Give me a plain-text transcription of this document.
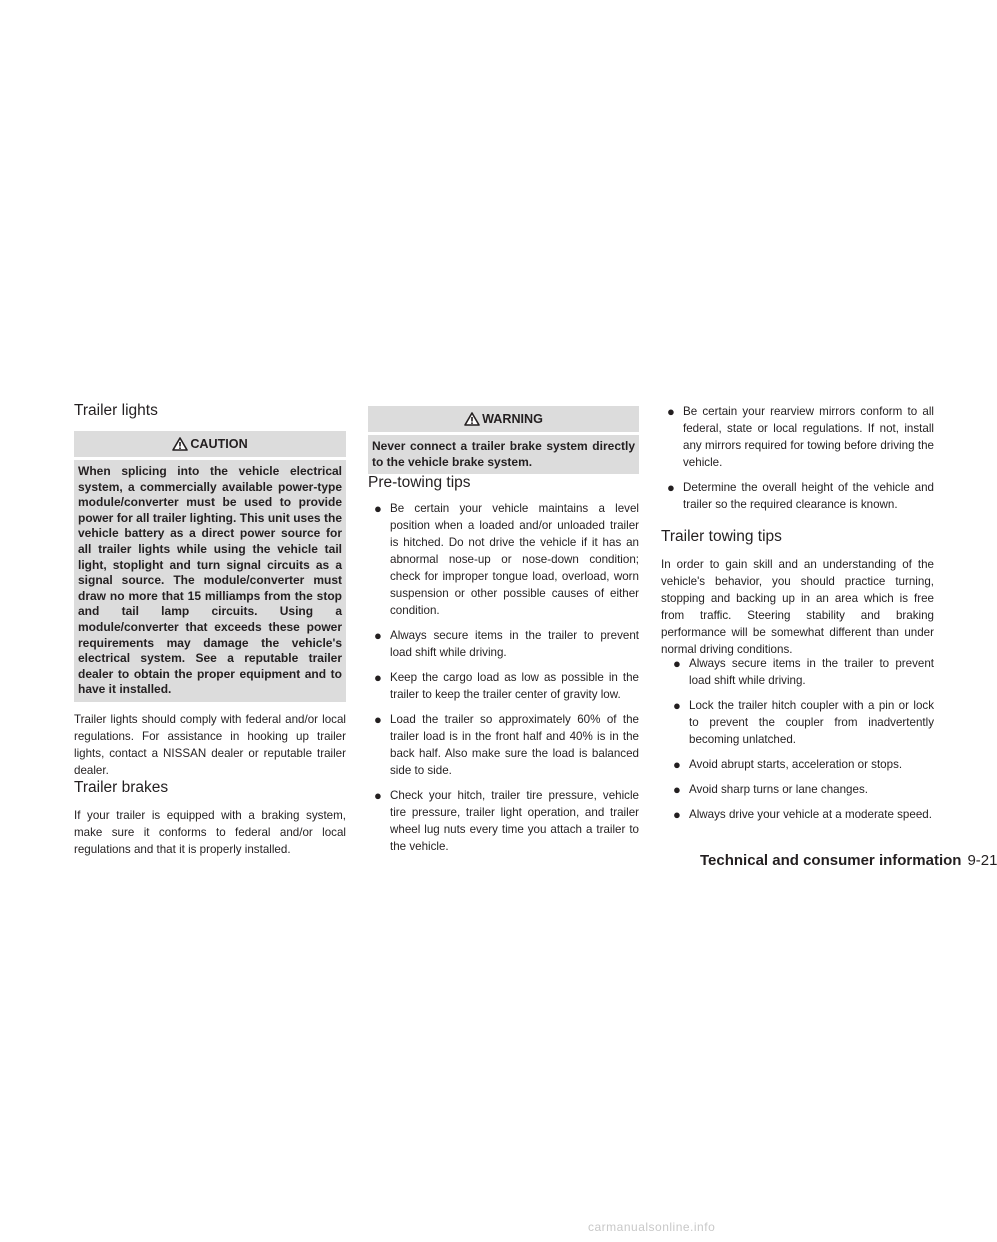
Trailer lights
CAUTION
When splicing into the vehicle electrical system, a commercially available power-type module/converter must be used to provide power for all trailer lighting. This unit uses the vehicle battery as a direct power source for all trailer lights while using the vehicle tail light, stoplight and turn signal circuits as a signal source. The module/converter must draw no more that 15 milliamps from the stop and tail lamp circuits. Using a module/converter that exceeds these power requirements may damage the vehicle's electrical system. See a reputable trailer dealer to obtain the proper equipment and to have it installed.

Trailer lights should comply with federal and/or local regulations. For assistance in hooking up trailer lights, contact a NISSAN dealer or reputable trailer dealer.

Trailer brakes

If your trailer is equipped with a braking system, make sure it conforms to federal and/or local regulations and that it is properly installed.

WARNING
Never connect a trailer brake system directly to the vehicle brake system.
Pre-towing tips
● Be certain your vehicle maintains a level position when a loaded and/or unloaded trailer is hitched. Do not drive the vehicle if it has an abnormal nose-up or nose-down condition; check for improper tongue load, overload, worn suspension or other possible causes of either condition.
● Always secure items in the trailer to prevent load shift while driving.
● Keep the cargo load as low as possible in the trailer to keep the trailer center of gravity low.
● Load the trailer so approximately 60% of the trailer load is in the front half and 40% is in the back half. Also make sure the load is balanced side to side.
● Check your hitch, trailer tire pressure, vehicle tire pressure, trailer light operation, and trailer wheel lug nuts every time you attach a trailer to the vehicle.
● Be certain your rearview mirrors conform to all federal, state or local regulations. If not, install any mirrors required for towing before driving the vehicle.
● Determine the overall height of the vehicle and trailer so the required clearance is known.
Trailer towing tips

In order to gain skill and an understanding of the vehicle's behavior, you should practice turning, stopping and backing up in an area which is free from traffic. Steering stability and braking performance will be somewhat different than under normal driving conditions.

● Always secure items in the trailer to prevent load shift while driving.
● Lock the trailer hitch coupler with a pin or lock to prevent the coupler from inadvertently becoming unlatched.
● Avoid abrupt starts, acceleration or stops.
● Avoid sharp turns or lane changes.
● Always drive your vehicle at a moderate speed.
Technical and consumer information 9-21
carmanualsonline.info
